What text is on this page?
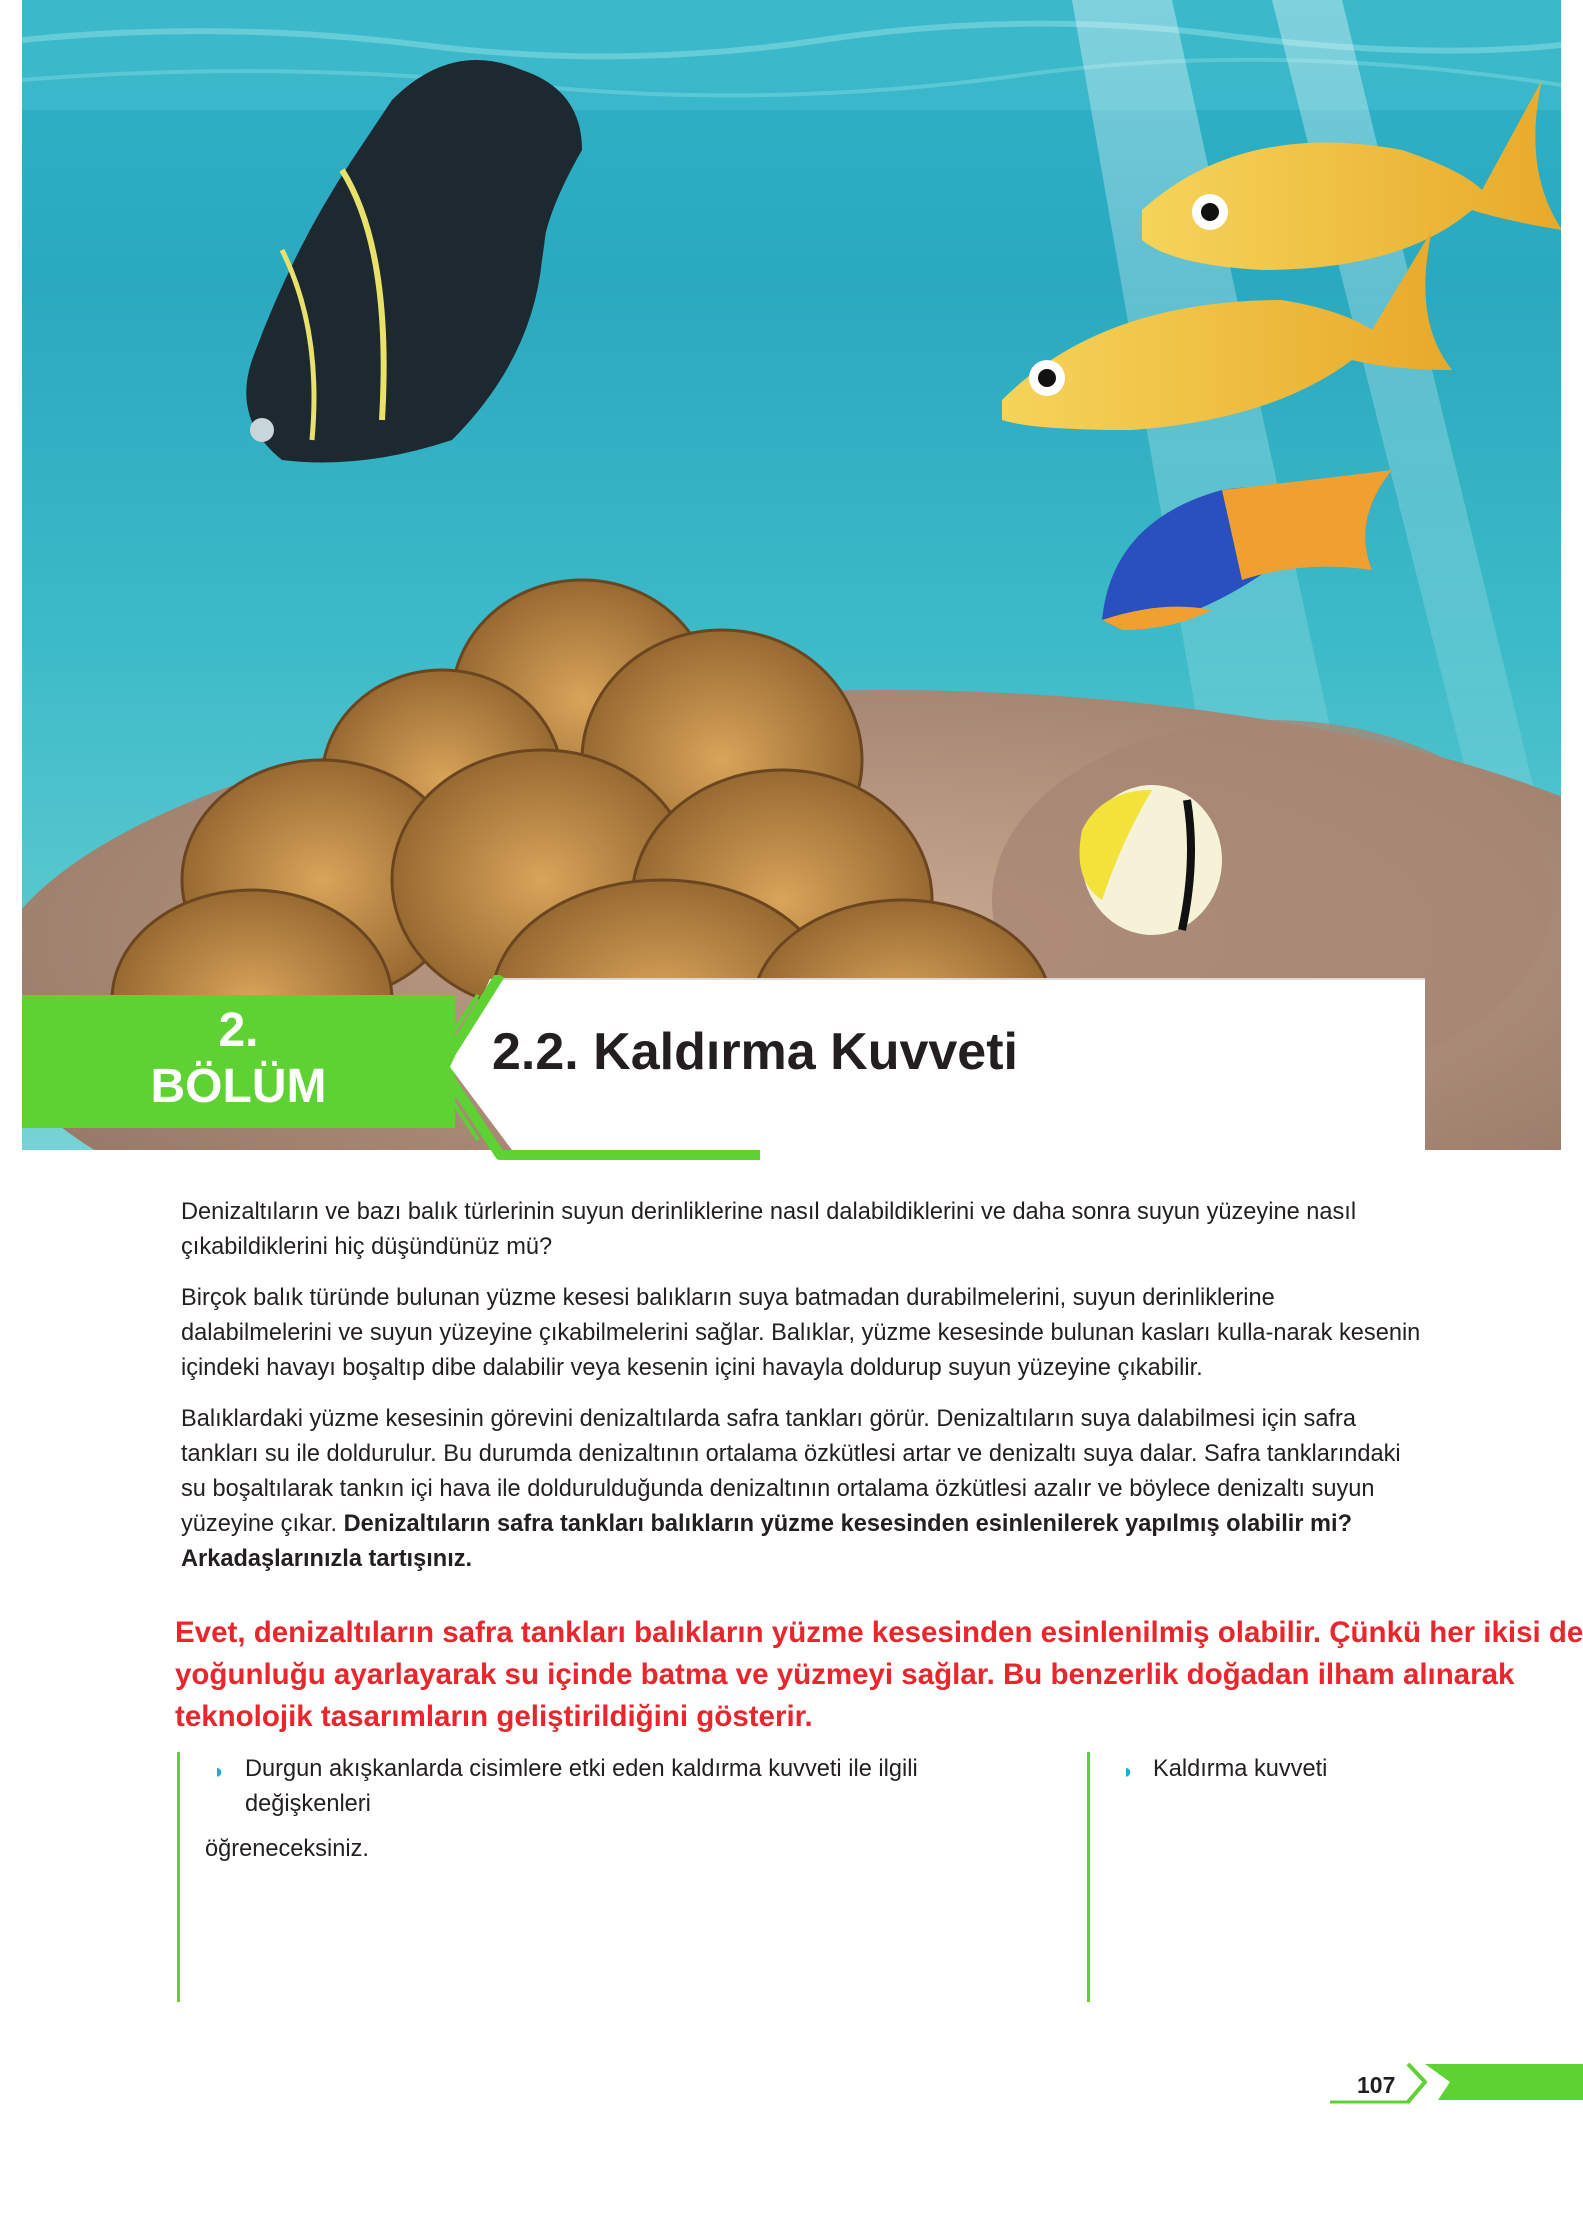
2.
BÖLÜM
2.2. Kaldırma Kuvveti

Denizaltıların ve bazı balık türlerinin suyun derinliklerine nasıl dalabildiklerini ve daha sonra suyun yüzeyine nasıl çıkabildiklerini hiç düşündünüz mü?

Birçok balık türünde bulunan yüzme kesesi balıkların suya batmadan durabilmelerini, suyun derinliklerine dalabilmelerini ve suyun yüzeyine çıkabilmelerini sağlar. Balıklar, yüzme kesesinde bulunan kasları kulla-narak kesenin içindeki havayı boşaltıp dibe dalabilir veya kesenin içini havayla doldurup suyun yüzeyine çıkabilir.

Balıklardaki yüzme kesesinin görevini denizaltılarda safra tankları görür. Denizaltıların suya dalabilmesi için safra tankları su ile doldurulur. Bu durumda denizaltının ortalama özkütlesi artar ve denizaltı suya dalar. Safra tanklarındaki su boşaltılarak tankın içi hava ile doldurulduğunda denizaltının ortalama özkütlesi azalır ve böylece denizaltı suyun yüzeyine çıkar. Denizaltıların safra tankları balıkların yüzme kesesinden esinlenilerek yapılmış olabilir mi? Arkadaşlarınızla tartışınız.

Evet, denizaltıların safra tankları balıkların yüzme kesesinden esinlenilmiş olabilir. Çünkü her ikisi de yoğunluğu ayarlayarak su içinde batma ve yüzmeyi sağlar. Bu benzerlik doğadan ilham alınarak teknolojik tasarımların geliştirildiğini gösterir.
◗ Durgun akışkanlarda cisimlere etki eden kaldırma kuvveti ile ilgili değişkenleri
öğreneceksiniz.
◗ Kaldırma kuvveti
107
